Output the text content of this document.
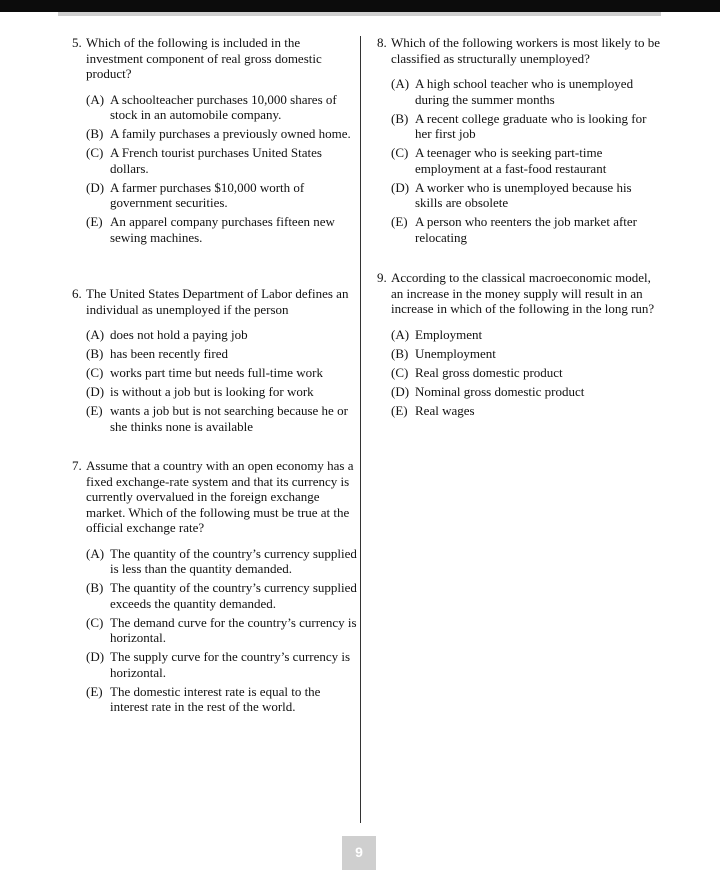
5. Which of the following is included in the investment component of real gross domestic product?
(A) A schoolteacher purchases 10,000 shares of stock in an automobile company.
(B) A family purchases a previously owned home.
(C) A French tourist purchases United States dollars.
(D) A farmer purchases $10,000 worth of government securities.
(E) An apparel company purchases fifteen new sewing machines.
6. The United States Department of Labor defines an individual as unemployed if the person
(A) does not hold a paying job
(B) has been recently fired
(C) works part time but needs full-time work
(D) is without a job but is looking for work
(E) wants a job but is not searching because he or she thinks none is available
7. Assume that a country with an open economy has a fixed exchange-rate system and that its currency is currently overvalued in the foreign exchange market. Which of the following must be true at the official exchange rate?
(A) The quantity of the country’s currency supplied is less than the quantity demanded.
(B) The quantity of the country’s currency supplied exceeds the quantity demanded.
(C) The demand curve for the country’s currency is horizontal.
(D) The supply curve for the country’s currency is horizontal.
(E) The domestic interest rate is equal to the interest rate in the rest of the world.
8. Which of the following workers is most likely to be classified as structurally unemployed?
(A) A high school teacher who is unemployed during the summer months
(B) A recent college graduate who is looking for her first job
(C) A teenager who is seeking part-time employment at a fast-food restaurant
(D) A worker who is unemployed because his skills are obsolete
(E) A person who reenters the job market after relocating
9. According to the classical macroeconomic model, an increase in the money supply will result in an increase in which of the following in the long run?
(A) Employment
(B) Unemployment
(C) Real gross domestic product
(D) Nominal gross domestic product
(E) Real wages
9
